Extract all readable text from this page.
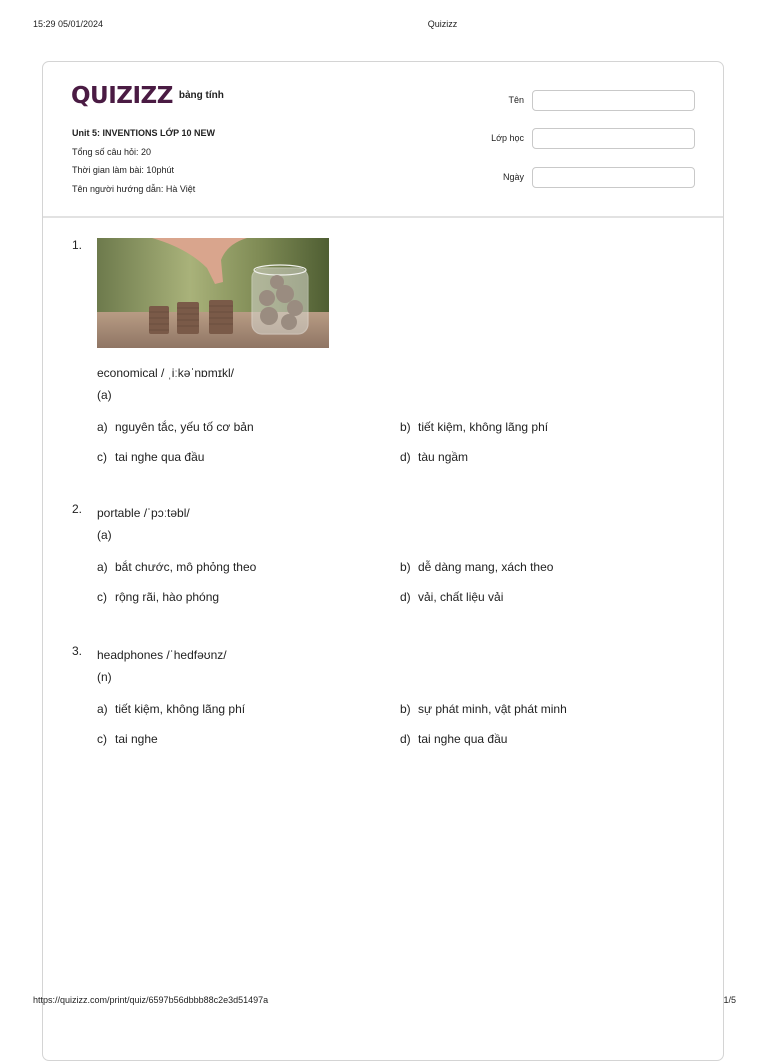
15:29 05/01/2024	Quizizz
QUIZIZZ bảng tính
Unit 5: INVENTIONS LỚP 10 NEW
Tổng số câu hỏi: 20
Thời gian làm bài: 10phút
Tên người hướng dẫn: Hà Việt
Tên
Lớp học
Ngày
1.
economical / ˌiːkəˈnɒmɪkl/
(a)
a) nguyên tắc, yếu tố cơ bản	b) tiết kiệm, không lãng phí
c) tai nghe qua đầu	d) tàu ngầm
2. portable /ˈpɔːtəbl/
(a)
a) bắt chước, mô phỏng theo	b) dễ dàng mang, xách theo
c) rộng rãi, hào phóng	d) vải, chất liệu vải
3. headphones /ˈhedfəʊnz/
(n)
a) tiết kiệm, không lãng phí	b) sự phát minh, vật phát minh
c) tai nghe	d) tai nghe qua đầu
https://quizizz.com/print/quiz/6597b56dbbb88c2e3d51497a	1/5
